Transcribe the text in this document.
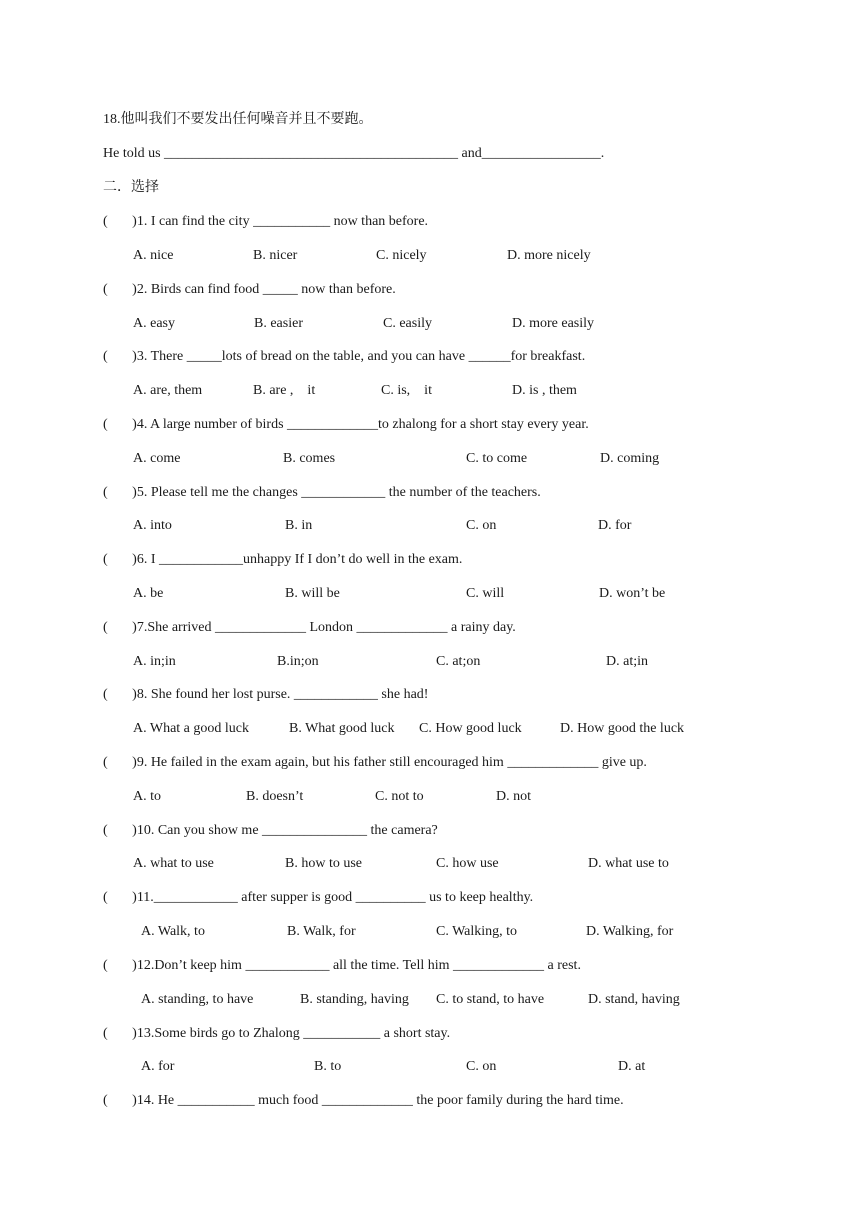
18.他叫我们不要发出任何噪音并且不要跑。
He told us __________________________________________ and_________________.
二．选择
(       )1. I can find the city ___________ now than before.
A. nice	B. nicer	C. nicely	D. more nicely
(       )2. Birds can find food _____ now than before.
A. easy	B. easier	C. easily	D. more easily
(       )3. There _____lots of bread on the table, and you can have ______for breakfast.
A. are, them	B. are ,    it	C. is,    it	D. is , them
(       )4. A large number of birds _____________to zhalong for a short stay every year.
A. come	B. comes	C. to come	D. coming
(       )5. Please tell me the changes ____________ the number of the teachers.
A. into	B. in	C. on	D. for
(       )6. I ____________unhappy If I don’t do well in the exam.
A. be	B. will be	C. will	D. won’t be
(       )7.She arrived _____________ London _____________ a rainy day.
A. in;in	B.in;on	C. at;on	D. at;in
(       )8. She found her lost purse. ____________ she had!
A. What a good luck	B. What good luck C. How good luck	D. How good the luck
(       )9. He failed in the exam again, but his father still encouraged him _____________ give up.
A. to	B. doesn’t	C. not to	D. not
(       )10. Can you show me _______________ the camera?
A. what to use	B. how to use	C. how use	D. what use to
(       )11.____________ after supper is good __________ us to keep healthy.
A. Walk, to	B. Walk, for	C. Walking, to	D. Walking, for
(       )12.Don’t keep him ____________ all the time. Tell him _____________ a rest.
A. standing, to have	B. standing, having C. to stand, to have	D. stand, having
(       )13.Some birds go to Zhalong ___________ a short stay.
A. for	B. to	C. on	D. at
(       )14. He ___________ much food _____________ the poor family during the hard time.
